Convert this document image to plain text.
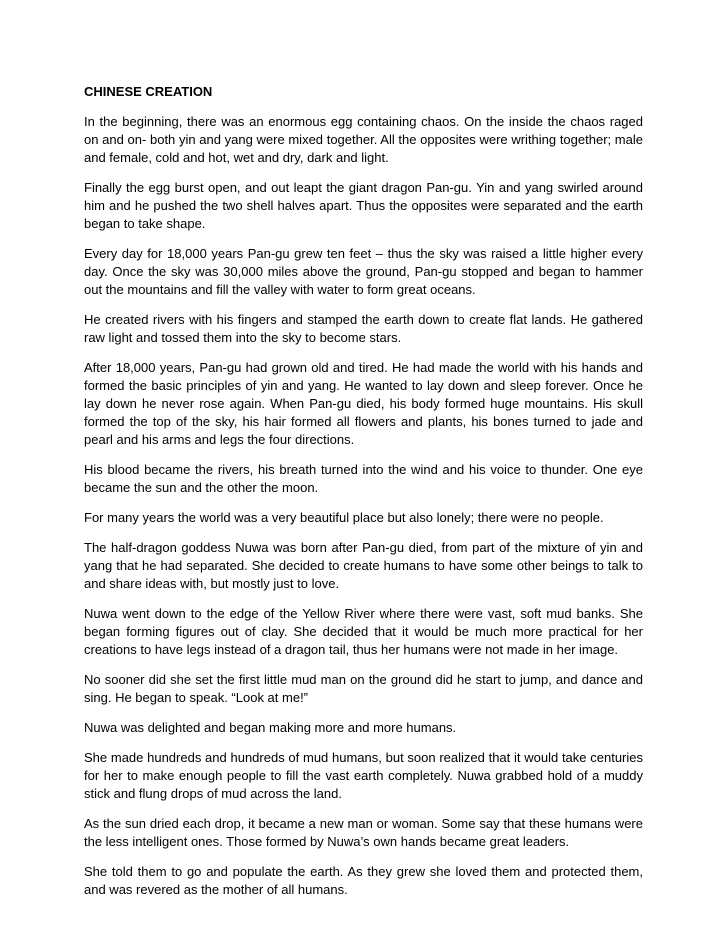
CHINESE CREATION

In the beginning, there was an enormous egg containing chaos. On the inside the chaos raged on and on- both yin and yang were mixed together. All the opposites were writhing together; male and female, cold and hot, wet and dry, dark and light.

Finally the egg burst open, and out leapt the giant dragon Pan-gu. Yin and yang swirled around him and he pushed the two shell halves apart. Thus the opposites were separated and the earth began to take shape.

Every day for 18,000 years Pan-gu grew ten feet – thus the sky was raised a little higher every day. Once the sky was 30,000 miles above the ground, Pan-gu stopped and began to hammer out the mountains and fill the valley with water to form great oceans.

He created rivers with his fingers and stamped the earth down to create flat lands. He gathered raw light and tossed them into the sky to become stars.

After 18,000 years, Pan-gu had grown old and tired. He had made the world with his hands and formed the basic principles of yin and yang. He wanted to lay down and sleep forever. Once he lay down he never rose again. When Pan-gu died, his body formed huge mountains. His skull formed the top of the sky, his hair formed all flowers and plants, his bones turned to jade and pearl and his arms and legs the four directions.

His blood became the rivers, his breath turned into the wind and his voice to thunder. One eye became the sun and the other the moon.

For many years the world was a very beautiful place but also lonely; there were no people.

The half-dragon goddess Nuwa was born after Pan-gu died, from part of the mixture of yin and yang that he had separated. She decided to create humans to have some other beings to talk to and share ideas with, but mostly just to love.

Nuwa went down to the edge of the Yellow River where there were vast, soft mud banks. She began forming figures out of clay. She decided that it would be much more practical for her creations to have legs instead of a dragon tail, thus her humans were not made in her image.

No sooner did she set the first little mud man on the ground did he start to jump, and dance and sing. He began to speak. “Look at me!”

Nuwa was delighted and began making more and more humans.

She made hundreds and hundreds of mud humans, but soon realized that it would take centuries for her to make enough people to fill the vast earth completely. Nuwa grabbed hold of a muddy stick and flung drops of mud across the land.

As the sun dried each drop, it became a new man or woman. Some say that these humans were the less intelligent ones. Those formed by Nuwa’s own hands became great leaders.

She told them to go and populate the earth. As they grew she loved them and protected them, and was revered as the mother of all humans.
